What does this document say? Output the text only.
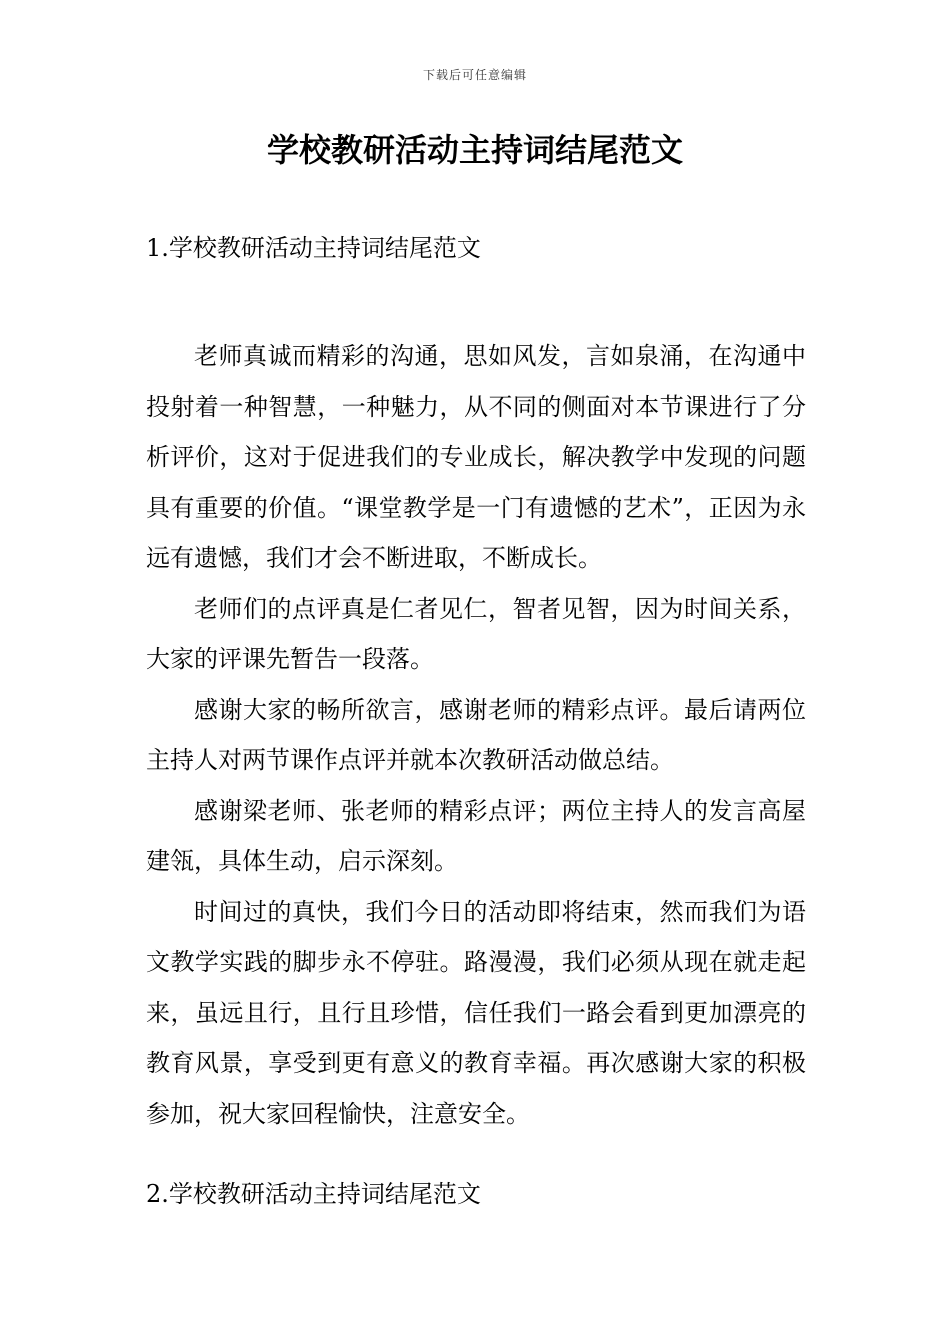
下载后可任意编辑
学校教研活动主持词结尾范文

1.学校教研活动主持词结尾范文

老师真诚而精彩的沟通，思如风发，言如泉涌，在沟通中投射着一种智慧，一种魅力，从不同的侧面对本节课进行了分析评价，这对于促进我们的专业成长，解决教学中发现的问题具有重要的价值。“课堂教学是一门有遗憾的艺术”，正因为永远有遗憾，我们才会不断进取，不断成长。

老师们的点评真是仁者见仁，智者见智，因为时间关系，大家的评课先暂告一段落。

感谢大家的畅所欲言，感谢老师的精彩点评。最后请两位主持人对两节课作点评并就本次教研活动做总结。

感谢梁老师、张老师的精彩点评；两位主持人的发言高屋建瓴，具体生动，启示深刻。

时间过的真快，我们今日的活动即将结束，然而我们为语文教学实践的脚步永不停驻。路漫漫，我们必须从现在就走起来，虽远且行，且行且珍惜，信任我们一路会看到更加漂亮的教育风景，享受到更有意义的教育幸福。再次感谢大家的积极参加，祝大家回程愉快，注意安全。

2.学校教研活动主持词结尾范文
